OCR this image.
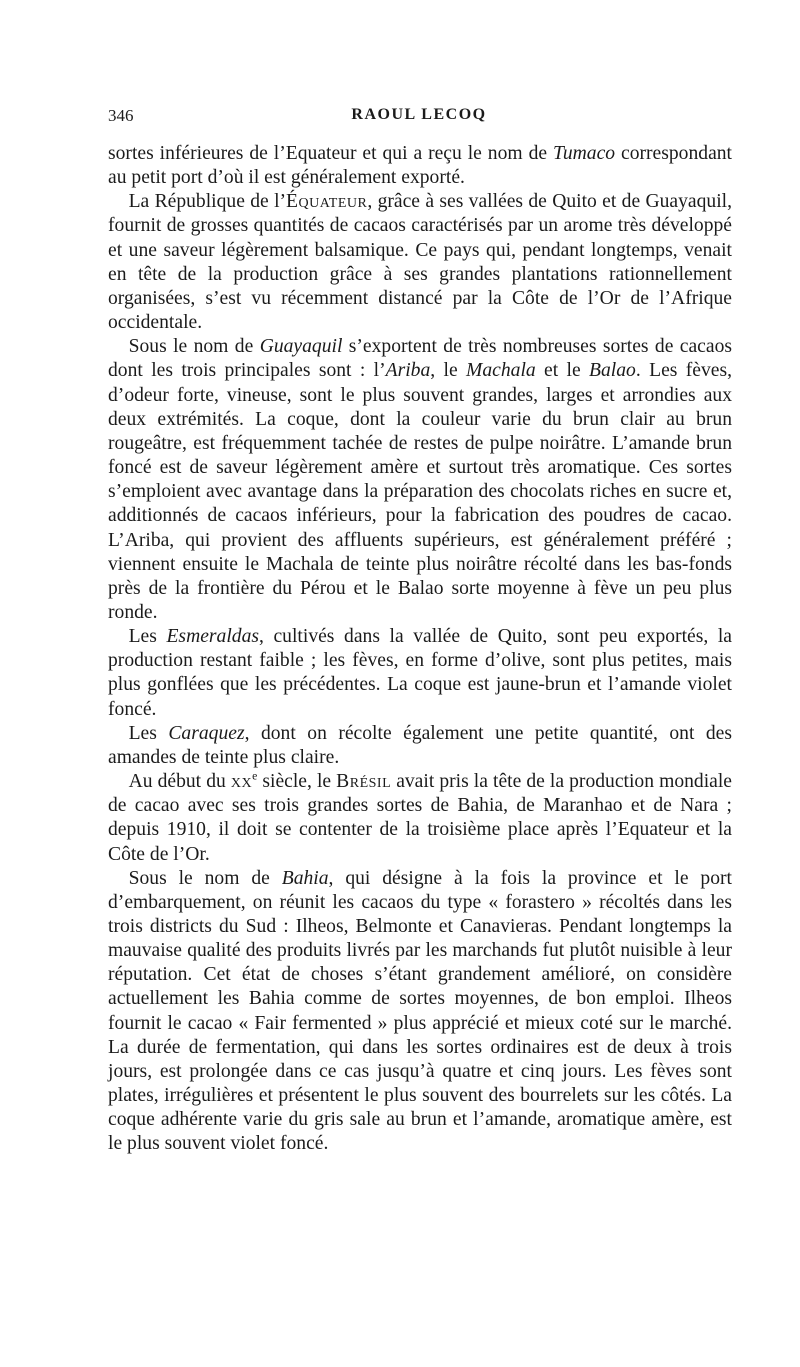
346	RAOUL LECOQ

sortes inférieures de l’Equateur et qui a reçu le nom de Tumaco correspondant au petit port d’où il est généralement exporté.

La République de l’Équateur, grâce à ses vallées de Quito et de Guayaquil, fournit de grosses quantités de cacaos caractérisés par un arome très développé et une saveur légèrement balsamique. Ce pays qui, pendant longtemps, venait en tête de la production grâce à ses grandes plantations rationnellement organisées, s’est vu récemment distancé par la Côte de l’Or de l’Afrique occidentale.

Sous le nom de Guayaquil s’exportent de très nombreuses sortes de cacaos dont les trois principales sont : l’Ariba, le Machala et le Balao. Les fèves, d’odeur forte, vineuse, sont le plus souvent grandes, larges et arrondies aux deux extrémités. La coque, dont la couleur varie du brun clair au brun rougeâtre, est fréquemment tachée de restes de pulpe noirâtre. L’amande brun foncé est de saveur légèrement amère et surtout très aromatique. Ces sortes s’emploient avec avantage dans la préparation des chocolats riches en sucre et, additionnés de cacaos inférieurs, pour la fabrication des poudres de cacao. L’Ariba, qui provient des affluents supérieurs, est généralement préféré ; viennent ensuite le Machala de teinte plus noirâtre récolté dans les bas-fonds près de la frontière du Pérou et le Balao sorte moyenne à fève un peu plus ronde.

Les Esmeraldas, cultivés dans la vallée de Quito, sont peu exportés, la production restant faible ; les fèves, en forme d’olive, sont plus petites, mais plus gonflées que les précédentes. La coque est jaune-brun et l’amande violet foncé.

Les Caraquez, dont on récolte également une petite quantité, ont des amandes de teinte plus claire.

Au début du $xx^e$ siècle, le Brésil avait pris la tête de la production mondiale de cacao avec ses trois grandes sortes de Bahia, de Maranhao et de Nara ; depuis 1910, il doit se contenter de la troisième place après l’Equateur et la Côte de l’Or.

Sous le nom de Bahia, qui désigne à la fois la province et le port d’embarquement, on réunit les cacaos du type « forastero » récoltés dans les trois districts du Sud : Ilheos, Belmonte et Canavieras. Pendant longtemps la mauvaise qualité des produits livrés par les marchands fut plutôt nuisible à leur réputation. Cet état de choses s’étant grandement amélioré, on considère actuellement les Bahia comme de sortes moyennes, de bon emploi. Ilheos fournit le cacao « Fair fermented » plus apprécié et mieux coté sur le marché. La durée de fermentation, qui dans les sortes ordinaires est de deux à trois jours, est prolongée dans ce cas jusqu’à quatre et cinq jours. Les fèves sont plates, irrégulières et présentent le plus souvent des bourrelets sur les côtés. La coque adhérente varie du gris sale au brun et l’amande, aromatique amère, est le plus souvent violet foncé.
